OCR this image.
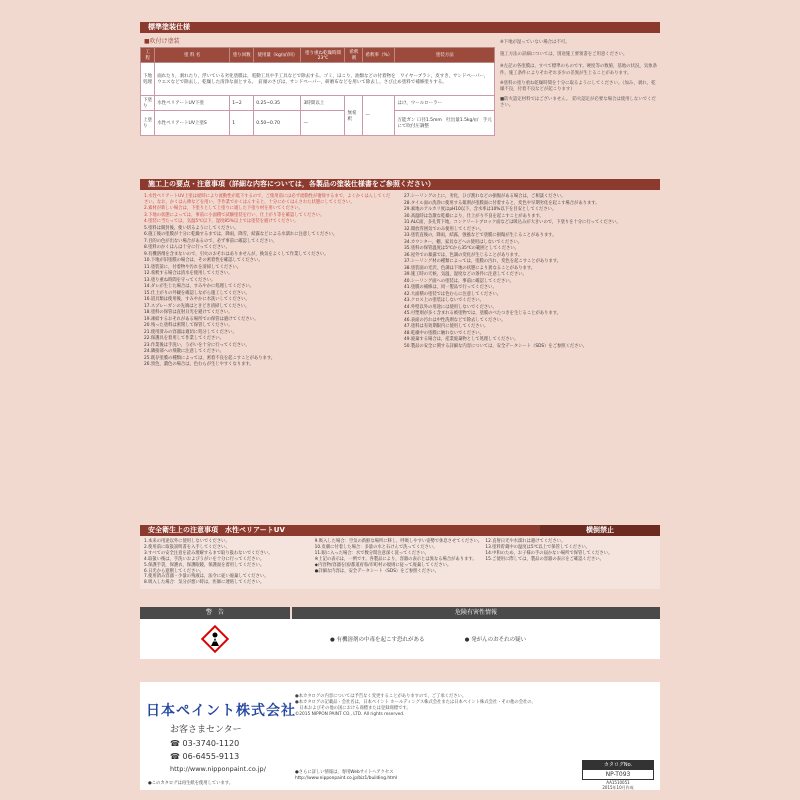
標準塗装仕様
■吹付け塗装
工 程	塗 料 名	塗り回数	使用量（kg/㎡/回）	塗り重ね乾燥時間 23℃	希釈剤	希釈率（%）	塗装方法
下地処理	面れたり，剥れたり，浮いている劣化塗膜は，電動工具や手工具などで除去する。ゴミ，ほこり，油類などの付着物を　ワイヤーブラシ，皮すき，サンドペーパー，ウエスなどで除去し，乾燥した清浄な面とする。　釘頭のさびは，サンドペーパー，研磨布などを用いて除去し，さび止め塗料で補修塗りする。						
下塗り	水性ペリアートUV下塗	1~2	0.25~0.35	3時間以上	無希釈	—	はけ，ウールローラー
上塗り	水性ペリアートUV上塗S	1	0.50~0.70	—			万能ガン 口径1.5mm　吐出量1.5kg/㎡　手元にて吹付圧調整

※下地が湿っていない場合は不可。

施工方法の詳細については，別途施工要領書をご用意ください。

※左記の各塗膜は，すべて標準のものです。硬度等の数値，基地の状況，気象条件，施工条件によりそれぞれ多少の差異が生じることがあります。

※塗料の塗り重ね乾燥時間を十分に取るようにしてください。（加み，剥れ，乾燥不良，付着不良などが起こります）

■防火認定材料ではございません。　防火認定が必要な場合は使用しないでください。

施工上の要点・注意事項（詳細な内容については，各製品の塗装仕様書をご参照ください）

1.水性ペリアートUV上塗は経時により流動性が低下するので，ご使用前には必ず流動性が復帰するまで，よくかくはんしてください。なお，かくはん棒などを用い，手作業でかくはんすると，十分にかくはんされた状態にしてください。

2.素材が新しい場合は，下塗りとして上塗りに適した下塗り材を用いてください。

3.下地の状態によっては，事前に小面積で試験塗装を行い，仕上がり等を確認してください。

4.塗装に当たっては，気温5℃以下，湿度85%以上では塗装を避けてください。

5.塗料は開封後，使い切るようにしてください。

6.施工後の塗膜が十分に乾燥するまでは，降雨，降雪，結露などによる水濡れに注意してください。

7.目的の色が出ない場合があるので，必ず事前に確認してください。

8.塗料のかくはんは十分に行ってください。

9.有機溶剤を含まないので，引火のおそれはありませんが，換気をよくして作業してください。

10.下地が旧塗膜の場合は，その密着性を確認してください。

11.塗装前に，付着物や汚れを清掃してください。

12.希釈する場合は清水を使用してください。

13.塗り重ね時間を守ってください。

14.ダレが生じた場合は，すみやかに処理してください。

15.仕上がりの外観を確認しながら施工してください。

16.道具類は使用後，すみやかに水洗いしてください。

17.スプレーガンの先端はときどき清掃してください。

18.塗料の保管は直射日光を避けてください。

19.凍結するおそれがある場所での保管は避けてください。

20.残った塗料は密閉して保管してください。

21.使用済みの容器は適切に処分してください。

22.保護具を着用して作業してください。

23.作業後は手洗い，うがいを十分に行ってください。

24.隣接部への飛散に注意してください。

25.既存塗膜の種類によっては，密着不良を起こすことがあります。

26.黒色，濃色の場合は，色むらが生じやすくなります。

27.シーリングの上に，劣化，ひび割れなどの損傷がある場合は，ご相談ください。

28.タイル面の洗浄に使用する薬剤が塗膜面に付着すると，変色や早期劣化を起こす場合があります。

29.素地のアルカリ度はpH10以下，含水率は10%以下を目安としてください。

30.高温時は急激な乾燥により，仕上がり不良を起こすことがあります。

31.ALC面，多孔質下地，コンクリートブロック面などは吸込みが大きいので，下塗りを十分に行ってください。

32.開放雰囲気でのみ使用してください。

33.塗装直後の，降雨，結露，強風などで塗膜に損傷が生じることがあります。

34.カウンター，棚，家具などへの使用はしないでください。

35.塗料の保管温度は5℃から35℃の範囲としてください。

36.屋外での暴露では，色調の変化が生じることがあります。

37.シーリング材の種類によっては，塗膜の汚れ，変色を起こすことがあります。

38.塗装面の光沢，色調は下地の状態により異なることがあります。

39.施工時の天候，気温，湿度などの条件に注意してください。

40.シーリング面への塗装は，事前に確認してください。

41.塗膜の補修は，同一製品で行ってください。

42.大面積の塗装では色むらに注意してください。

43.クロス上の塗装はしないでください。

44.外壁以外の用途には使用しないでください。

45.可塑剤が多く含まれる被塗物では，塗膜のべたつきを生じることがあります。

46.表面の汚れは中性洗剤などで除去してください。

47.塗料は有効期限内に使用してください。

48.乾燥中の塗膜に触れないでください。

49.廃棄する場合は，産業廃棄物として処理してください。

50.製品の安全に関する詳細な内容については，安全データシート（SDS）をご参照ください。

安全衛生上の注意事項　水性ペリアートUV	横倒禁止
1.本来の用途以外に使用しないでください。
2.使用前に取扱説明書を入手してください。
3.すべての安全注意を読み理解するまで取り扱わないでください。
4.取扱い後は，手洗いおよびうがいを十分に行ってください。
5.保護手袋，保護衣，保護眼鏡，保護面を着用してください。
6.日光から遮断してください。
7.使用済み容器・少量の残液は，法令に従い廃棄してください。
8.吸入した場合：気分が悪い時は，医師に連絡してください。
9.吸入した場合：空気の新鮮な場所に移し，呼吸しやすい姿勢で休息させてください。
10.皮膚に付着した場合：多量の水と石けんで洗ってください。
11.眼に入った場合：水で数分間注意深く洗ってください。
※上記の表示は，一例です。各製品により，容器の表示とは異なる場合があります。
◆内容物/容器を国/都道府県/市町村の規則に従って廃棄してください。
●詳細な内容は，安全データシート（SDS）をご参照ください。
12.直射日光や水濡れは避けてください。
13.塗料貯蔵中の温度は5℃以上で保管してください。
14.中和のため，お子様の手の届かない場所で保管してください。
15.ご使用に際しては，製品の容器の表示をご確認ください。
警　告	危険有害性情報
● 有機溶剤の中毒を起こす恐れがある	● 発がんのおそれの疑い
日本ペイント株式会社
お客さまセンター
☎ 03-3740-1120
☎ 06-6455-9113
http://www.nipponpaint.co.jp/
●このカタログは再生紙を使用しています。
●本カタログの内容については予告なく変更することがありますので，ご了承ください。
●本カタログの記載品・会社名は，日本ペイント ホールディングス株式会社または日本ペイント株式会社・その他の会社の，
　日本およびその他の国における商標または登録商標です。
©2015 NIPPON PAINT CO., LTD. All rights reserved.
●さらに詳しい情報は，専用Webサイトへアクセス
http://www.nipponpaint.co.jp/biz1/building.html
カタログNo.
NP-T093
AA1510051
2015年10月作成
